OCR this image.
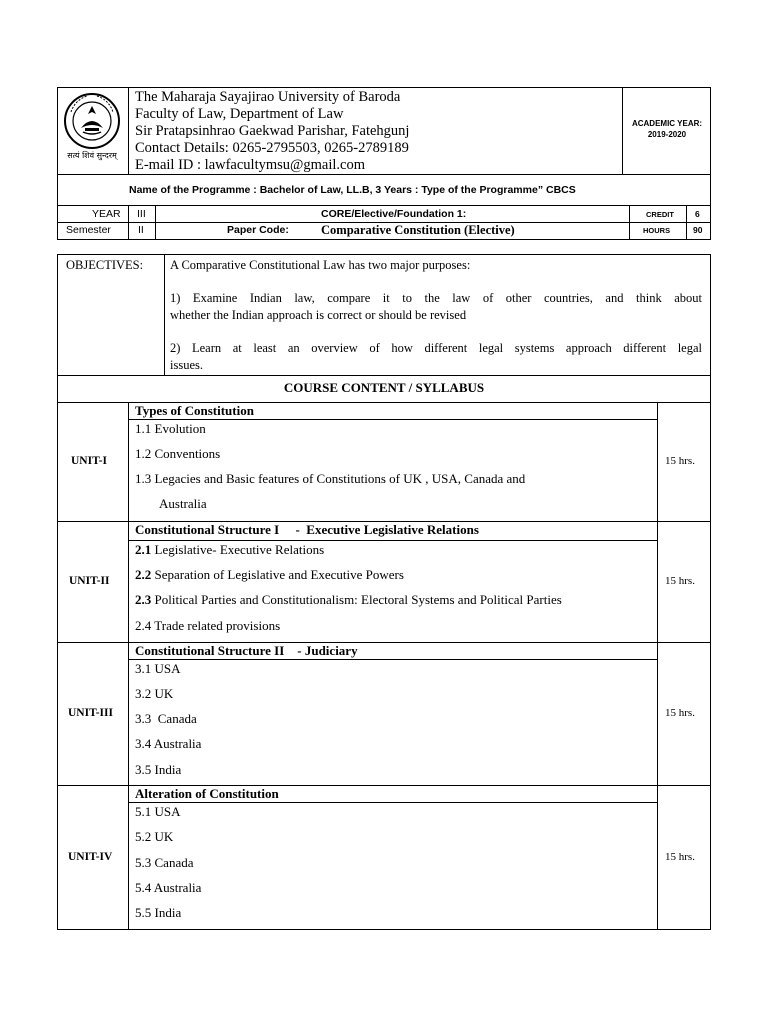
सत्यं शिवं सुन्दरम्
The Maharaja Sayajirao University of Baroda
Faculty of Law, Department of Law
Sir Pratapsinhrao Gaekwad Parishar, Fatehgunj
Contact Details: 0265-2795503, 0265-2789189
E-mail ID : lawfacultymsu@gmail.com
ACADEMIC YEAR:
2019-2020
Name of the Programme : Bachelor of Law, LL.B, 3 Years : Type of the Programme” CBCS
YEAR III	CORE/Elective/Foundation 1:	CREDIT 6
Semester	II	Paper Code:	Comparative Constitution (Elective)	HOURS	90
OBJECTIVES: A Comparative Constitutional Law has two major purposes:
1) Examine Indian law, compare it to the law of other countries, and think about
whether the Indian approach is correct or should be revised
2) Learn at least an overview of how different legal systems approach different legal
issues.
COURSE CONTENT / SYLLABUS
UNIT-I
Types of Constitution
1.1 Evolution
1.2 Conventions
1.3 Legacies and Basic features of Constitutions of UK , USA, Canada and
Australia
15 hrs.
UNIT-II
Constitutional Structure I     -  Executive Legislative Relations
2.1 Legislative- Executive Relations
2.2 Separation of Legislative and Executive Powers
2.3 Political Parties and Constitutionalism: Electoral Systems and Political Parties
2.4 Trade related provisions
15 hrs.
UNIT-III
Constitutional Structure II    - Judiciary
3.1 USA
3.2 UK
3.3  Canada
3.4 Australia
3.5 India
15 hrs.
UNIT-IV
Alteration of Constitution
5.1 USA
5.2 UK
5.3 Canada
5.4 Australia
5.5 India
15 hrs.
